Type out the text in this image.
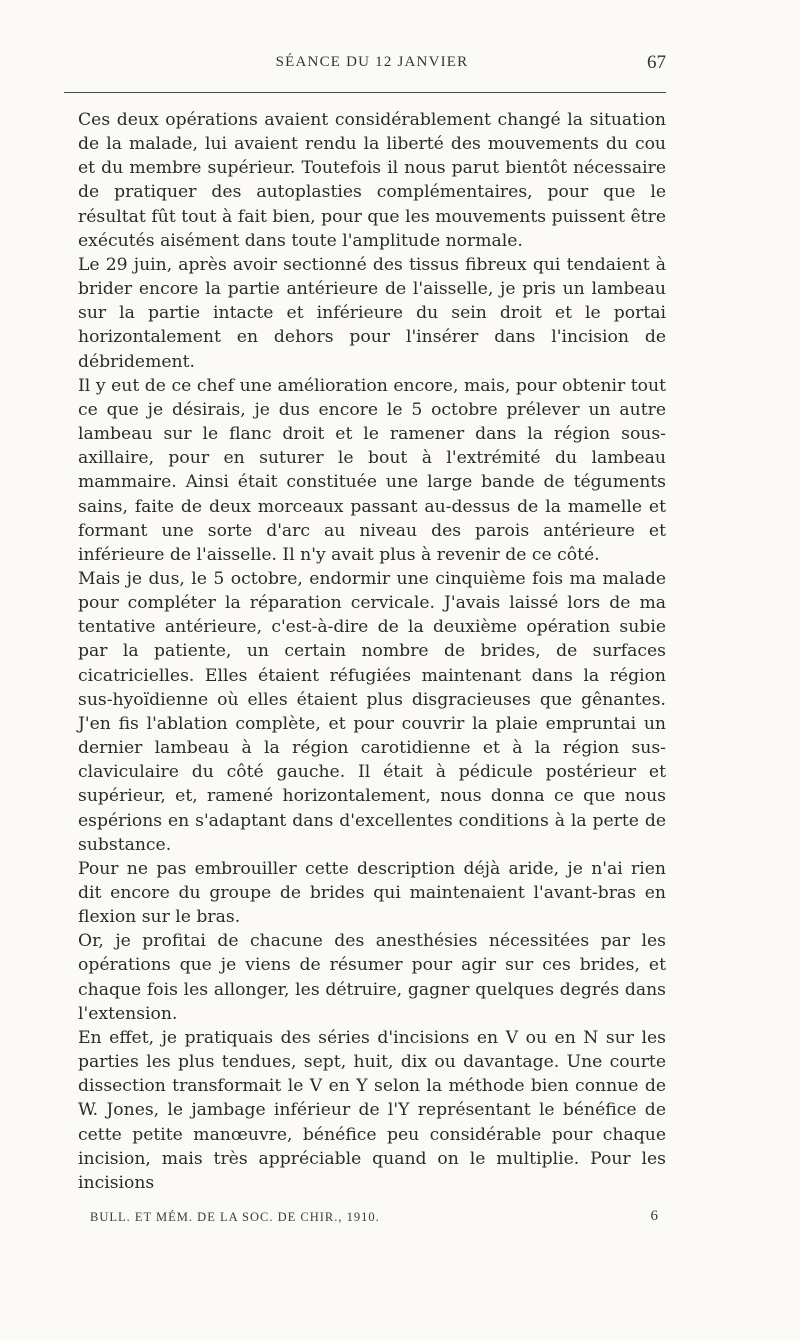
SÉANCE DU 12 JANVIER	67

Ces deux opérations avaient considérablement changé la situation de la malade, lui avaient rendu la liberté des mouvements du cou et du membre supérieur. Toutefois il nous parut bientôt nécessaire de pratiquer des autoplasties complémentaires, pour que le résultat fût tout à fait bien, pour que les mouvements puissent être exécutés aisément dans toute l'amplitude normale.

Le 29 juin, après avoir sectionné des tissus fibreux qui tendaient à brider encore la partie antérieure de l'aisselle, je pris un lambeau sur la partie intacte et inférieure du sein droit et le portai horizontalement en dehors pour l'insérer dans l'incision de débridement.

Il y eut de ce chef une amélioration encore, mais, pour obtenir tout ce que je désirais, je dus encore le 5 octobre prélever un autre lambeau sur le flanc droit et le ramener dans la région sous-axillaire, pour en suturer le bout à l'extrémité du lambeau mammaire. Ainsi était constituée une large bande de téguments sains, faite de deux morceaux passant au-dessus de la mamelle et formant une sorte d'arc au niveau des parois antérieure et inférieure de l'aisselle. Il n'y avait plus à revenir de ce côté.

Mais je dus, le 5 octobre, endormir une cinquième fois ma malade pour compléter la réparation cervicale. J'avais laissé lors de ma tentative antérieure, c'est-à-dire de la deuxième opération subie par la patiente, un certain nombre de brides, de surfaces cicatricielles. Elles étaient réfugiées maintenant dans la région sus-hyoïdienne où elles étaient plus disgracieuses que gênantes. J'en fis l'ablation complète, et pour couvrir la plaie empruntai un dernier lambeau à la région carotidienne et à la région sus-claviculaire du côté gauche. Il était à pédicule postérieur et supérieur, et, ramené horizontalement, nous donna ce que nous espérions en s'adaptant dans d'excellentes conditions à la perte de substance.

Pour ne pas embrouiller cette description déjà aride, je n'ai rien dit encore du groupe de brides qui maintenaient l'avant-bras en flexion sur le bras.

Or, je profitai de chacune des anesthésies nécessitées par les opérations que je viens de résumer pour agir sur ces brides, et chaque fois les allonger, les détruire, gagner quelques degrés dans l'extension.

En effet, je pratiquais des séries d'incisions en V ou en N sur les parties les plus tendues, sept, huit, dix ou davantage. Une courte dissection transformait le V en Y selon la méthode bien connue de W. Jones, le jambage inférieur de l'Y représentant le bénéfice de cette petite manœuvre, bénéfice peu considérable pour chaque incision, mais très appréciable quand on le multiplie. Pour les incisions

BULL. ET MÉM. DE LA SOC. DE CHIR., 1910.	6
